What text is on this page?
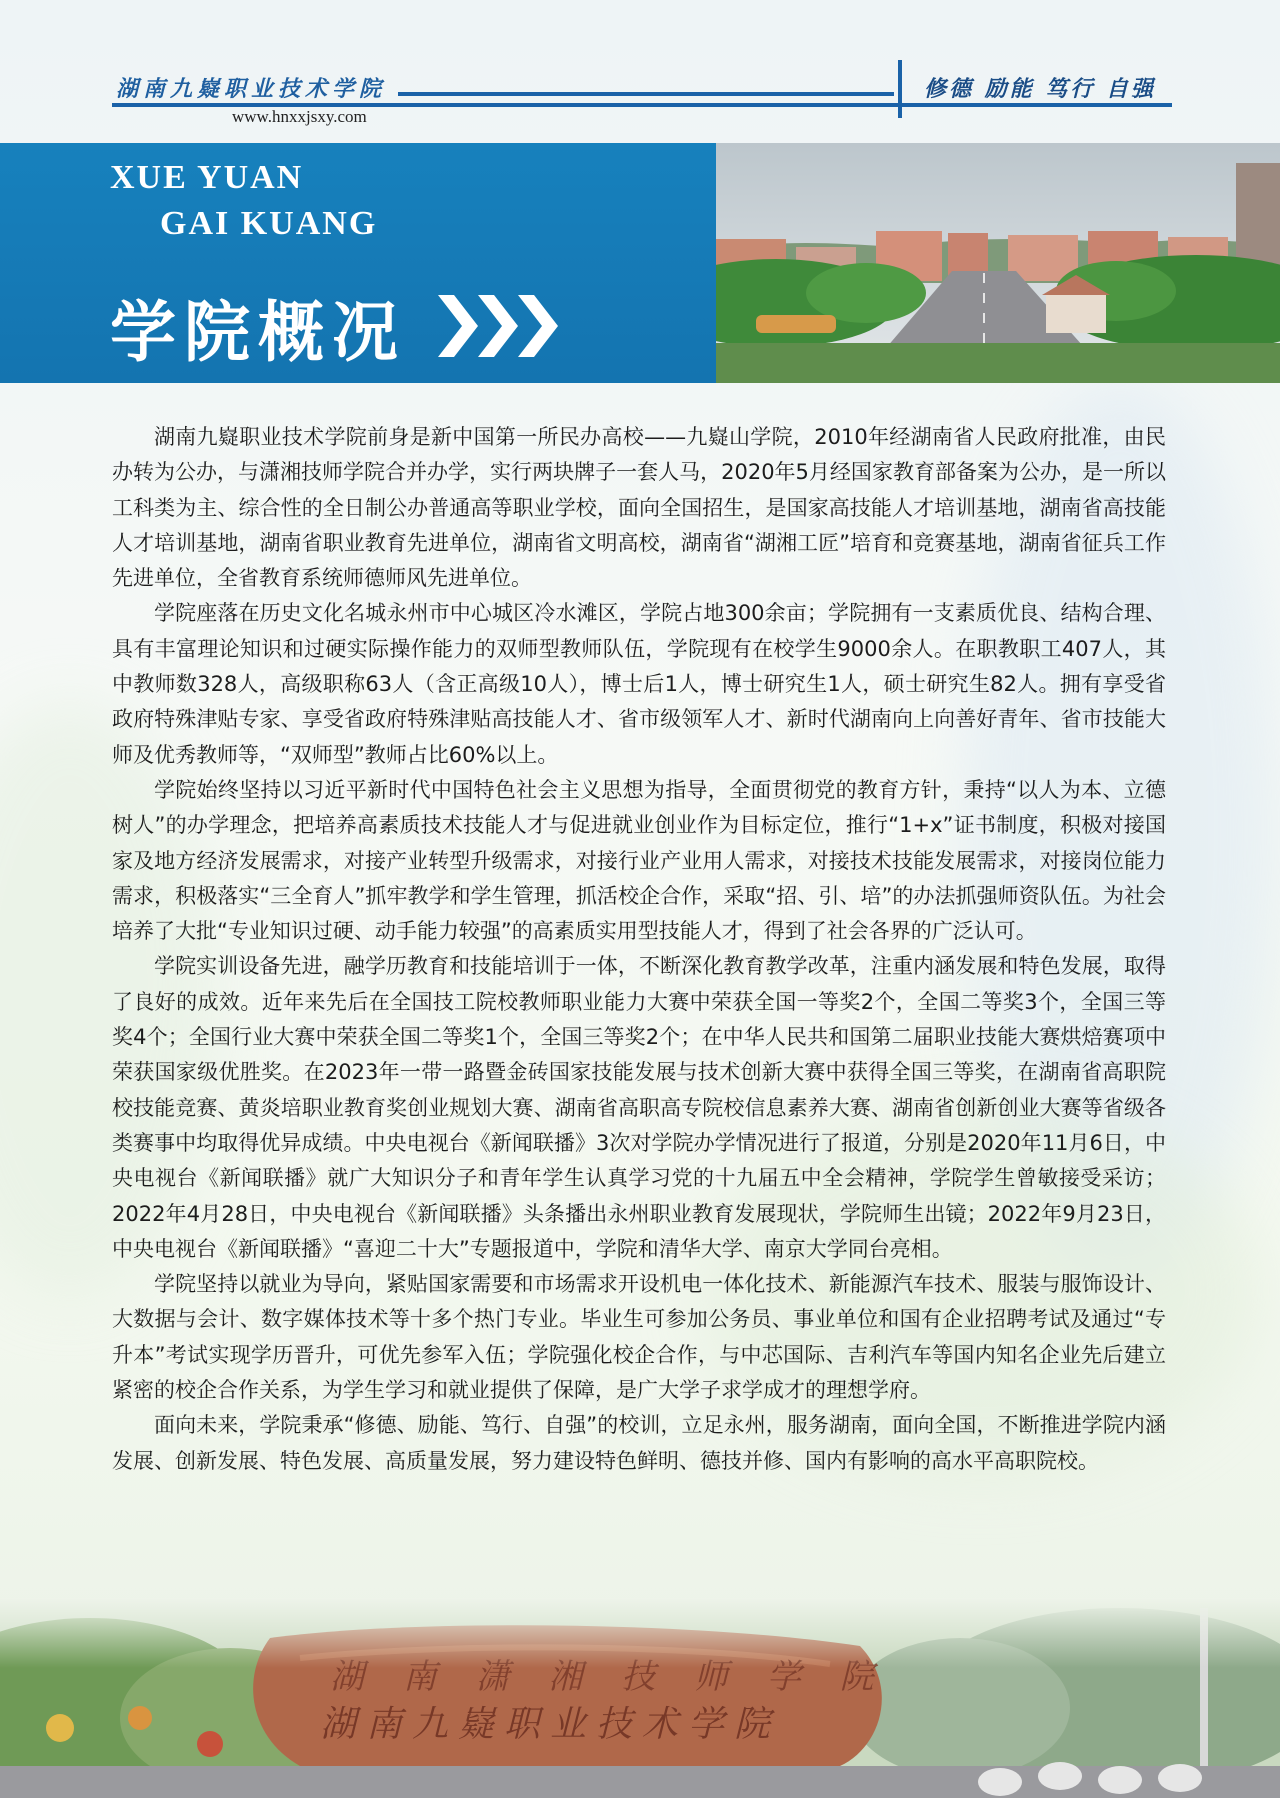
湖南九嶷职业技术学院	修德 励能 笃行 自强
www.hnxxjsxy.com
XUE YUAN
GAI KUANG
学院概况

湖南九嶷职业技术学院前身是新中国第一所民办高校——九嶷山学院，2010年经湖南省人民政府批准，由民办转为公办，与潇湘技师学院合并办学，实行两块牌子一套人马，2020年5月经国家教育部备案为公办，是一所以工科类为主、综合性的全日制公办普通高等职业学校，面向全国招生，是国家高技能人才培训基地，湖南省高技能人才培训基地，湖南省职业教育先进单位，湖南省文明高校，湖南省“湖湘工匠”培育和竞赛基地，湖南省征兵工作先进单位，全省教育系统师德师风先进单位。

学院座落在历史文化名城永州市中心城区冷水滩区，学院占地300余亩；学院拥有一支素质优良、结构合理、具有丰富理论知识和过硬实际操作能力的双师型教师队伍，学院现有在校学生9000余人。在职教职工407人，其中教师数328人，高级职称63人（含正高级10人），博士后1人，博士研究生1人，硕士研究生82人。拥有享受省政府特殊津贴专家、享受省政府特殊津贴高技能人才、省市级领军人才、新时代湖南向上向善好青年、省市技能大师及优秀教师等，“双师型”教师占比60%以上。

学院始终坚持以习近平新时代中国特色社会主义思想为指导，全面贯彻党的教育方针，秉持“以人为本、立德树人”的办学理念，把培养高素质技术技能人才与促进就业创业作为目标定位，推行“1+x”证书制度，积极对接国家及地方经济发展需求，对接产业转型升级需求，对接行业产业用人需求，对接技术技能发展需求，对接岗位能力需求，积极落实“三全育人”抓牢教学和学生管理，抓活校企合作，采取“招、引、培”的办法抓强师资队伍。为社会培养了大批“专业知识过硬、动手能力较强”的高素质实用型技能人才，得到了社会各界的广泛认可。

学院实训设备先进，融学历教育和技能培训于一体，不断深化教育教学改革，注重内涵发展和特色发展，取得了良好的成效。近年来先后在全国技工院校教师职业能力大赛中荣获全国一等奖2个，全国二等奖3个，全国三等奖4个；全国行业大赛中荣获全国二等奖1个，全国三等奖2个；在中华人民共和国第二届职业技能大赛烘焙赛项中荣获国家级优胜奖。在2023年一带一路暨金砖国家技能发展与技术创新大赛中获得全国三等奖，在湖南省高职院校技能竞赛、黄炎培职业教育奖创业规划大赛、湖南省高职高专院校信息素养大赛、湖南省创新创业大赛等省级各类赛事中均取得优异成绩。中央电视台《新闻联播》3次对学院办学情况进行了报道，分别是2020年11月6日，中央电视台《新闻联播》就广大知识分子和青年学生认真学习党的十九届五中全会精神，学院学生曾敏接受采访；2022年4月28日，中央电视台《新闻联播》头条播出永州职业教育发展现状，学院师生出镜；2022年9月23日，中央电视台《新闻联播》“喜迎二十大”专题报道中，学院和清华大学、南京大学同台亮相。

学院坚持以就业为导向，紧贴国家需要和市场需求开设机电一体化技术、新能源汽车技术、服装与服饰设计、大数据与会计、数字媒体技术等十多个热门专业。毕业生可参加公务员、事业单位和国有企业招聘考试及通过“专升本”考试实现学历晋升，可优先参军入伍；学院强化校企合作，与中芯国际、吉利汽车等国内知名企业先后建立紧密的校企合作关系，为学生学习和就业提供了保障，是广大学子求学成才的理想学府。

面向未来，学院秉承“修德、励能、笃行、自强”的校训，立足永州，服务湖南，面向全国，不断推进学院内涵发展、创新发展、特色发展、高质量发展，努力建设特色鲜明、德技并修、国内有影响的高水平高职院校。
